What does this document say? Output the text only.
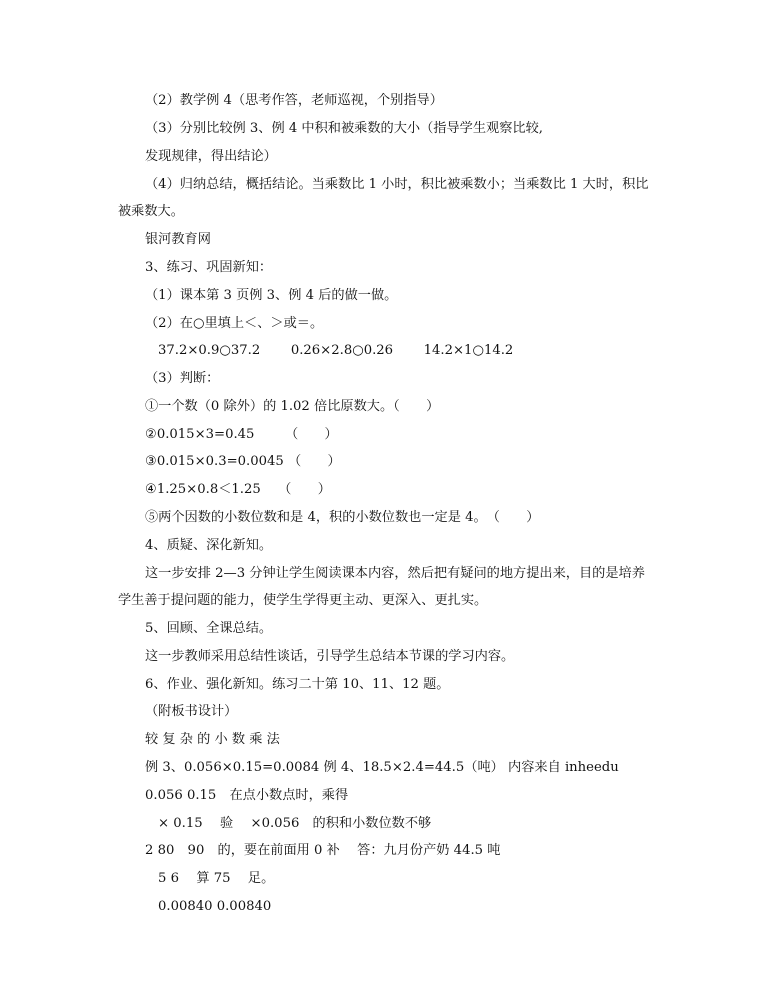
（2）教学例 4（思考作答，老师巡视，个别指导）
（3）分别比较例 3、例 4 中积和被乘数的大小（指导学生观察比较,
发现规律，得出结论）
（4）归纳总结，概括结论。当乘数比 1 小时，积比被乘数小；当乘数比 1 大时，积比
被乘数大。
银河教育网
3、练习、巩固新知：
（1）课本第 3 页例 3、例 4 后的做一做。
（2）在○里填上＜、＞或＝。
37.2×0.9○37.2　　 0.26×2.8○0.26　　 14.2×1○14.2
（3）判断：
①一个数（0 除外）的 1.02 倍比原数大。（　　）
②0.015×3=0.45　　 （　　）
③0.015×0.3=0.0045 （　　）
④1.25×0.8＜1.25　 （　　）
⑤两个因数的小数位数和是 4，积的小数位数也一定是 4。　（　　）
4、质疑、深化新知。
这一步安排 2—3 分钟让学生阅读课本内容，然后把有疑问的地方提出来，目的是培养
学生善于提问题的能力，使学生学得更主动、更深入、更扎实。
5、回顾、全课总结。
这一步教师采用总结性谈话，引导学生总结本节课的学习内容。
6、作业、强化新知。练习二十第 10、11、12 题。
（附板书设计）
较 复 杂 的 小 数 乘 法
例 3、0.056×0.15=0.0084 例 4、18.5×2.4=44.5（吨） 内容来自 inheedu
0.056 0.15　在点小数点时，乘得
× 0.15　 验　 ×0.056　的积和小数位数不够
2 80　90　的，要在前面用 0 补　 答：九月份产奶 44.5 吨
5 6　 算 75　 足。
0.00840 0.00840
